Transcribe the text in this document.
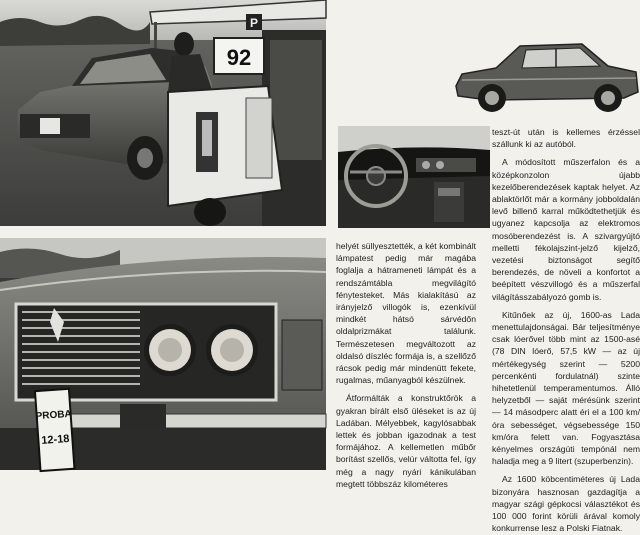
P
92
PROBA
12-18

helyét süllyesztették, a két kombinált lámpatest pedig már magába foglalja a hátrameneti lámpát és a rendszámtábla megvilágító fénytesteket. Más kialakítású az irányjelző villogók is, ezenkívül mindkét hátsó sárvédőn oldalprizmákat találunk. Természetesen megváltozott az oldalsó díszléc formája is, a szellőző rácsok pedig már mindenütt fekete, rugalmas, műanyagból készülnek.

Átformálták a konstruktőrök a gyakran bírált első üléseket is az új Ladában. Mélyebbek, kagylósabbak lettek és jobban igazodnak a test formájához. A kellemetlen műbőr borítást szellős, velúr váltotta fel, így még a nagy nyári kánikulában megtett többszáz kilométeres

teszt-út után is kellemes érzéssel szállunk ki az autóból.

A módosított műszerfalon és a középkonzolon újabb kezelőberendezések kaptak helyet. Az ablaktörlőt már a kormány jobboldalán levő billenő karral működtethetjük és ugyanez kapcsolja az elektromos mosóberendezést is. A szivargyújtó melletti fékolajszint-jelző kijelző, vezetési biztonságot segítő berendezés, de növeli a konfortot a beépített vészvillogó és a műszerfal világításszabályozó gomb is.

Kitűnőek az új, 1600-as Lada menettulajdonságai. Bár teljesítménye csak lóerővel több mint az 1500-asé (78 DIN lóerő, 57,5 kW — az új mértékegység szerint — 5200 percenkénti fordulatnál) szinte hihetetlenül temperamentumos. Álló helyzetből — saját mérésünk szerint — 14 másodperc alatt éri el a 100 km/óra sebességet, végsebessége 150 km/óra felett van. Fogyasztása kényelmes országúti tempónál nem haladja meg a 9 litert (szuperbenzin).

Az 1600 köbcentiméteres új Lada bizonyára hasznosan gazdagítja a magyar szági gépkocsi választékot és 100 000 forint körüli árával komoly konkurrense lesz a Polski Fiatnak.
